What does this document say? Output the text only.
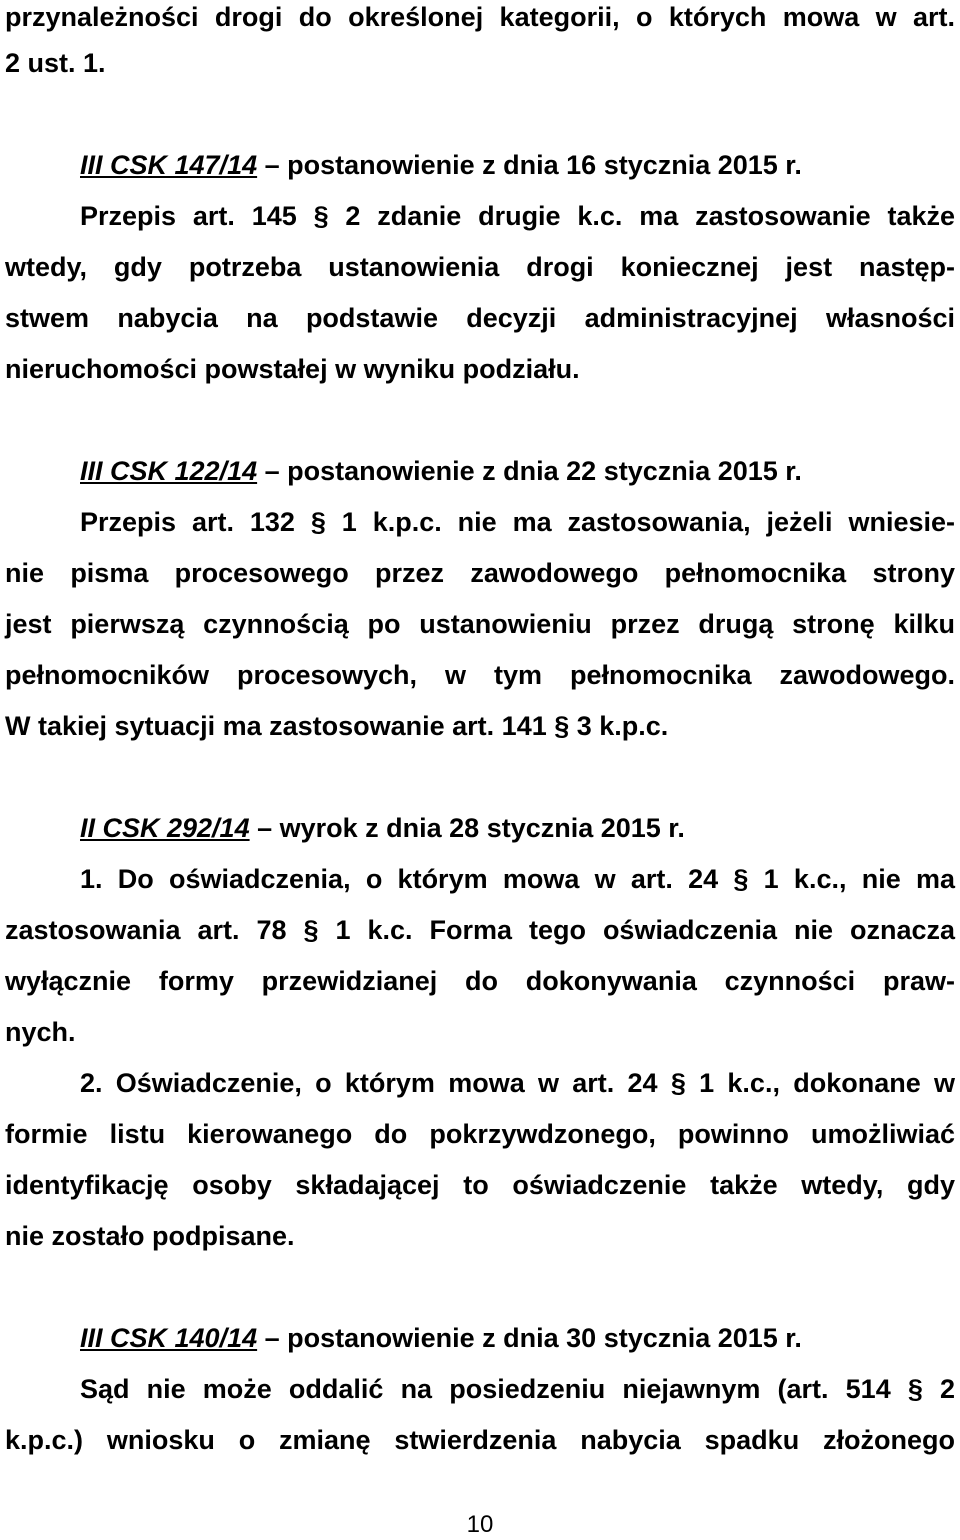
przynależności drogi do określonej kategorii, o których mowa w art.
2 ust. 1.
III CSK 147/14 – postanowienie z dnia 16 stycznia 2015 r.
Przepis art. 145 § 2 zdanie drugie k.c. ma zastosowanie także
wtedy, gdy potrzeba ustanowienia drogi koniecznej jest następ-
stwem nabycia na podstawie decyzji administracyjnej własności
nieruchomości powstałej w wyniku podziału.
III CSK 122/14 – postanowienie z dnia 22 stycznia 2015 r.
Przepis art. 132 § 1 k.p.c. nie ma zastosowania, jeżeli wniesie-
nie pisma procesowego przez zawodowego pełnomocnika strony
jest pierwszą czynnością po ustanowieniu przez drugą stronę kilku
pełnomocników procesowych, w tym pełnomocnika zawodowego.
W takiej sytuacji ma zastosowanie art. 141 § 3 k.p.c.
II CSK 292/14 – wyrok z dnia 28 stycznia 2015 r.
1. Do oświadczenia, o którym mowa w art. 24 § 1 k.c., nie ma
zastosowania art. 78 § 1 k.c. Forma tego oświadczenia nie oznacza
wyłącznie formy przewidzianej do dokonywania czynności praw-
nych.
2. Oświadczenie, o którym mowa w art. 24 § 1 k.c., dokonane w
formie listu kierowanego do pokrzywdzonego, powinno umożliwiać
identyfikację osoby składającej to oświadczenie także wtedy, gdy
nie zostało podpisane.
III CSK 140/14 – postanowienie z dnia 30 stycznia 2015 r.
Sąd nie może oddalić na posiedzeniu niejawnym (art. 514 § 2
k.p.c.) wniosku o zmianę stwierdzenia nabycia spadku złożonego
10
